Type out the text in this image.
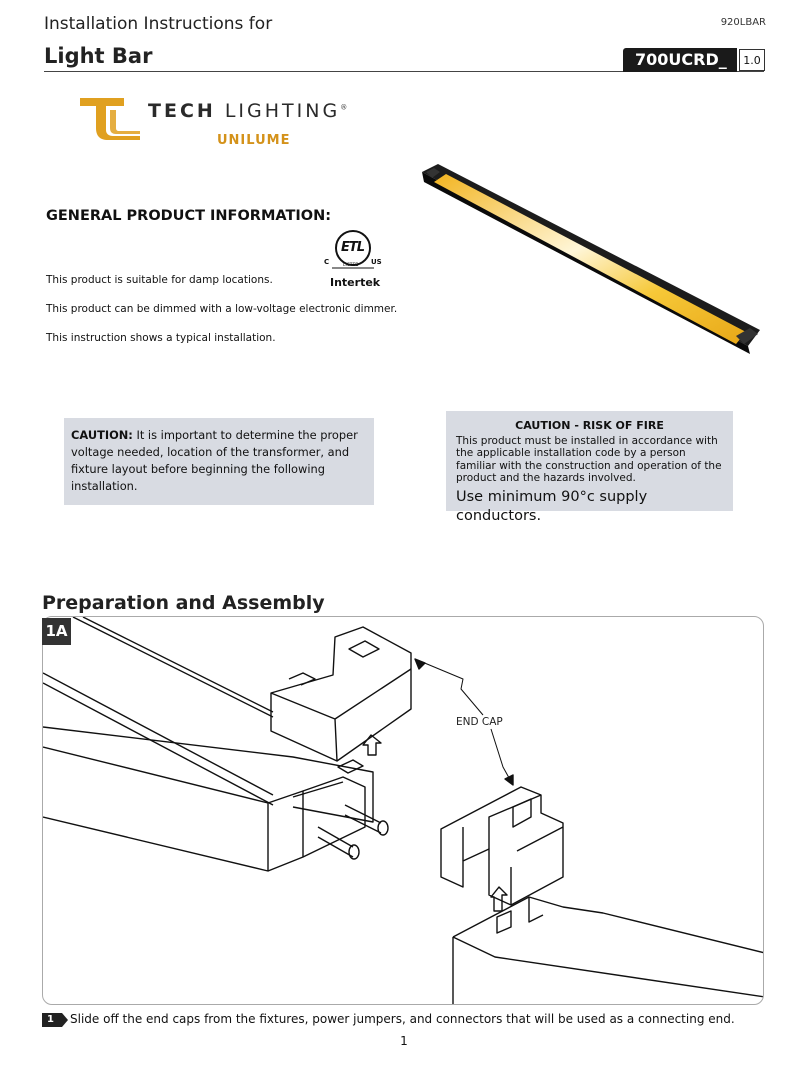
Installation Instructions for	920LBAR
Light Bar	700UCRD_	1.0
TECH LIGHTING®
UNILUME
GENERAL PRODUCT INFORMATION:
This product is suitable for damp locations.
This product can be dimmed with a low-voltage electronic dimmer.
This instruction shows a typical installation.
ETL
C	US
LISTED
Intertek
CAUTION: It is important to determine the proper voltage needed, location of the transformer, and fixture layout before beginning the following installation.
CAUTION - RISK OF FIRE
This product must be installed in accordance with the applicable installation code by a person familiar with the construction and operation of the product and the hazards involved.
Use minimum 90°c supply conductors.
Preparation and Assembly
1A
END CAP
1 Slide off the end caps from the fixtures, power jumpers, and connectors that will be used as a connecting end.
1
